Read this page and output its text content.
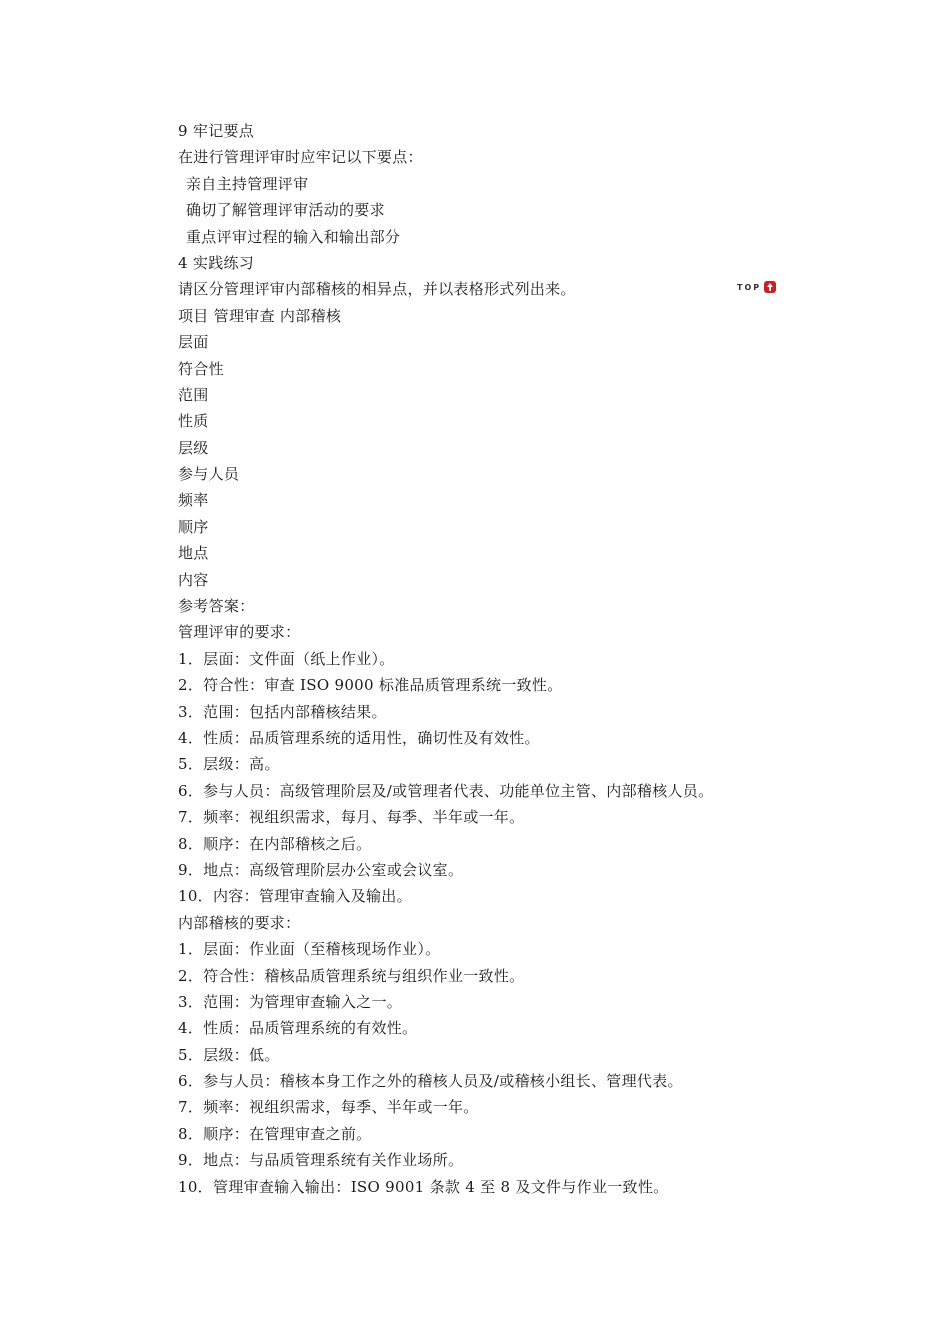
9 牢记要点
在进行管理评审时应牢记以下要点：
亲自主持管理评审
确切了解管理评审活动的要求
重点评审过程的输入和输出部分
4 实践练习
请区分管理评审内部稽核的相异点，并以表格形式列出来。
项目 管理审查 内部稽核
层面
符合性
范围
性质
层级
参与人员
频率
顺序
地点
内容
参考答案：
管理评审的要求：
1．层面：文件面（纸上作业）。
2．符合性：审查 ISO 9000 标准品质管理系统一致性。
3．范围：包括内部稽核结果。
4．性质：品质管理系统的适用性，确切性及有效性。
5．层级：高。
6．参与人员：高级管理阶层及/或管理者代表、功能单位主管、内部稽核人员。
7．频率：视组织需求，每月、每季、半年或一年。
8．顺序：在内部稽核之后。
9．地点：高级管理阶层办公室或会议室。
10．内容：管理审查输入及输出。
内部稽核的要求：
1．层面：作业面（至稽核现场作业）。
2．符合性：稽核品质管理系统与组织作业一致性。
3．范围：为管理审查输入之一。
4．性质：品质管理系统的有效性。
5．层级：低。
6．参与人员：稽核本身工作之外的稽核人员及/或稽核小组长、管理代表。
7．频率：视组织需求，每季、半年或一年。
8．顺序：在管理审查之前。
9．地点：与品质管理系统有关作业场所。
10．管理审查输入输出：ISO 9001 条款 4 至 8 及文件与作业一致性。
TOP
